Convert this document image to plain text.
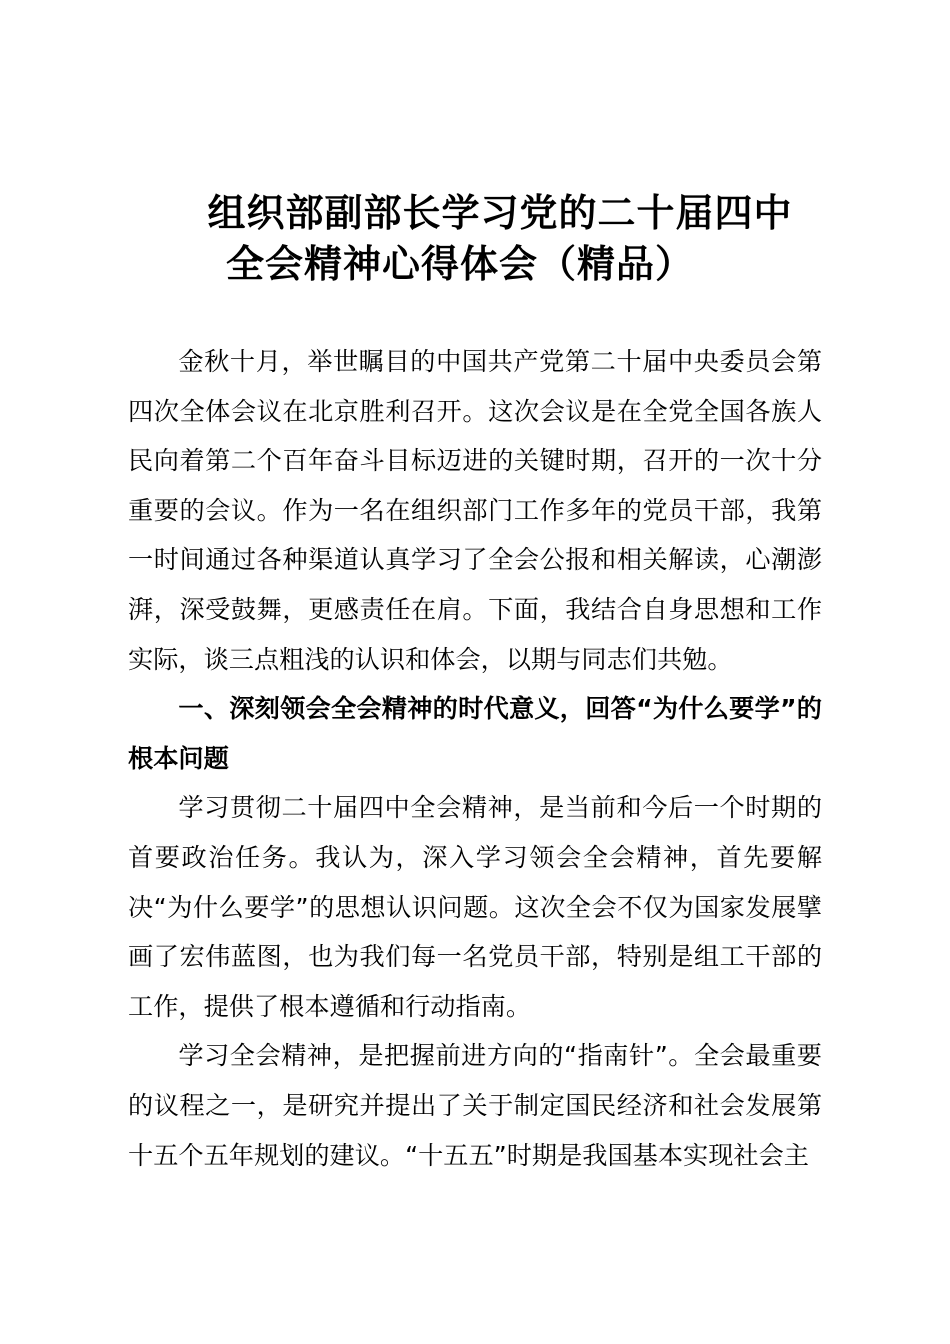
组织部副部长学习党的二十届四中
全会精神心得体会（精品）

金秋十月，举世瞩目的中国共产党第二十届中央委员会第四次全体会议在北京胜利召开。这次会议是在全党全国各族人民向着第二个百年奋斗目标迈进的关键时期，召开的一次十分重要的会议。作为一名在组织部门工作多年的党员干部，我第一时间通过各种渠道认真学习了全会公报和相关解读，心潮澎湃，深受鼓舞，更感责任在肩。下面，我结合自身思想和工作实际，谈三点粗浅的认识和体会，以期与同志们共勉。

一、深刻领会全会精神的时代意义，回答“为什么要学”的根本问题

学习贯彻二十届四中全会精神，是当前和今后一个时期的首要政治任务。我认为，深入学习领会全会精神，首先要解决“为什么要学”的思想认识问题。这次全会不仅为国家发展擘画了宏伟蓝图，也为我们每一名党员干部，特别是组工干部的工作，提供了根本遵循和行动指南。

学习全会精神，是把握前进方向的“指南针”。全会最重要的议程之一，是研究并提出了关于制定国民经济和社会发展第十五个五年规划的建议。“十五五”时期是我国基本实现社会主
